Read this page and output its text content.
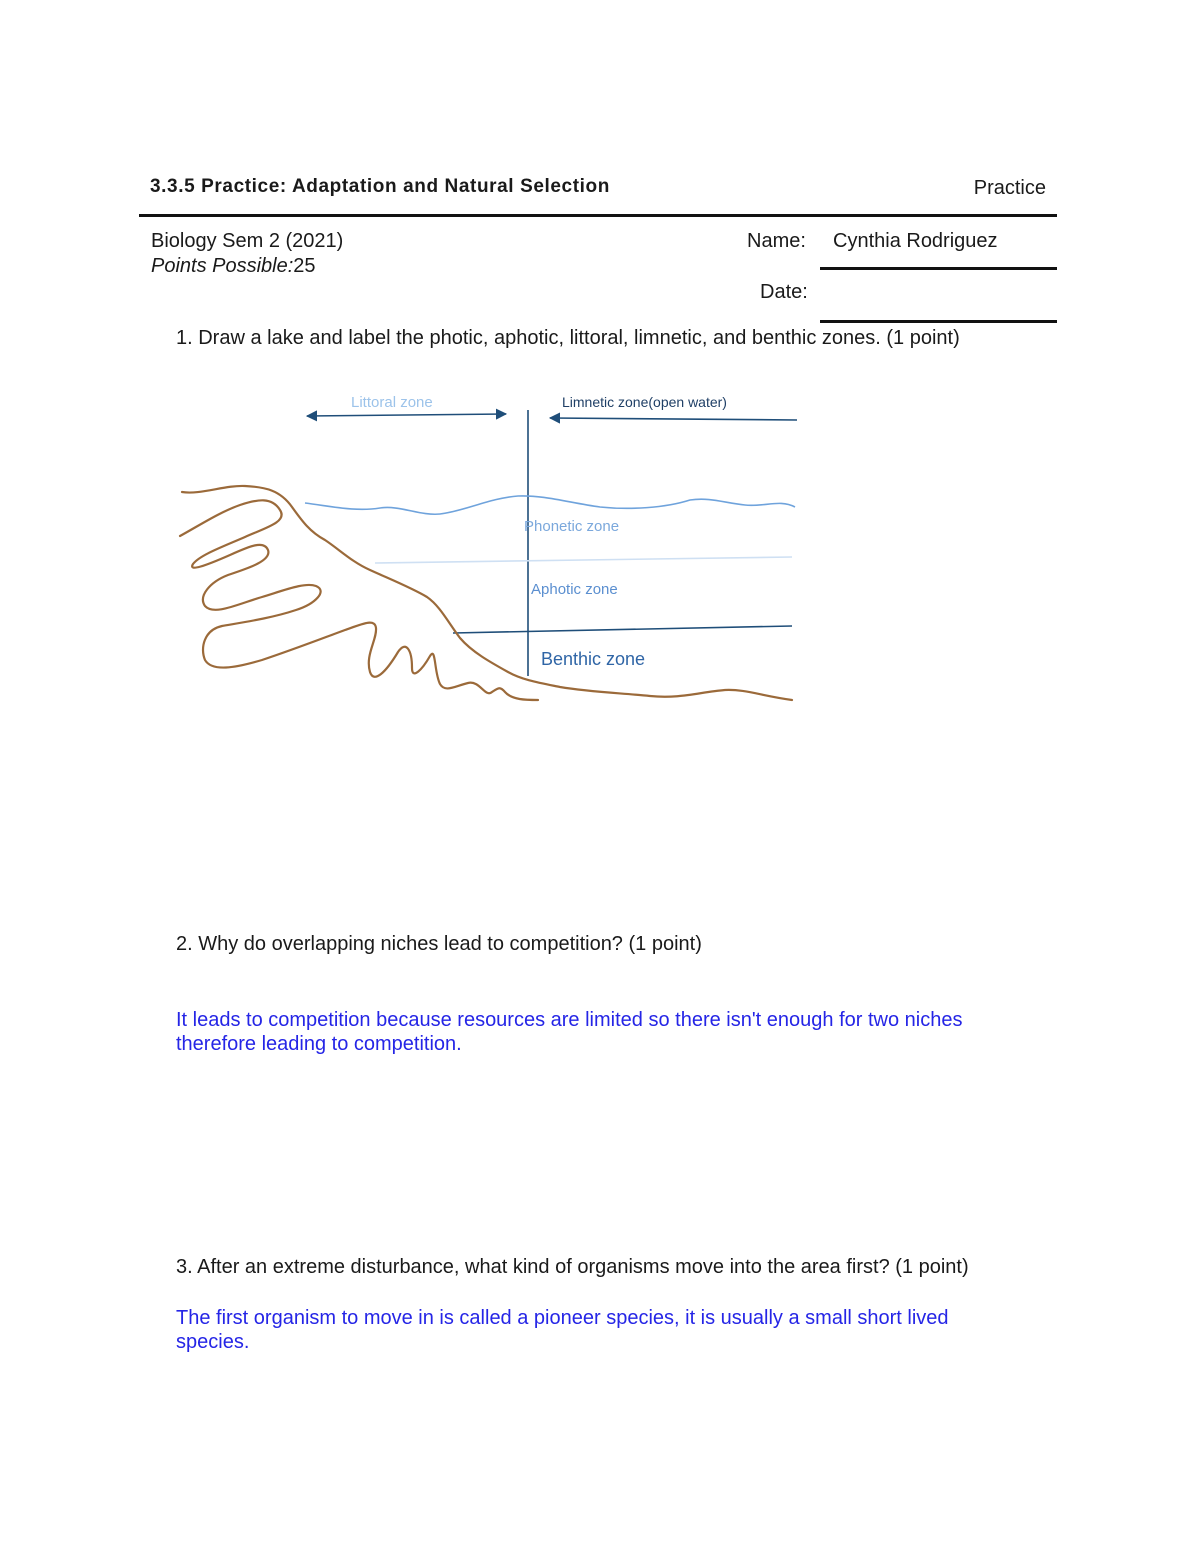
3.3.5 Practice: Adaptation and Natural Selection	Practice
Biology Sem 2 (2021)
Points Possible:25
Name: Cynthia Rodriguez
Date:
1. Draw a lake and label the photic, aphotic, littoral, limnetic, and benthic zones. (1 point)
Littoral zone	Limnetic zone(open water)
Phonetic zone
Aphotic zone
Benthic zone
2. Why do overlapping niches lead to competition? (1 point)
It leads to competition because resources are limited so there isn't enough for two niches
therefore leading to competition.
3. After an extreme disturbance, what kind of organisms move into the area first? (1 point)
The first organism to move in is called a pioneer species, it is usually a small short lived
species.
